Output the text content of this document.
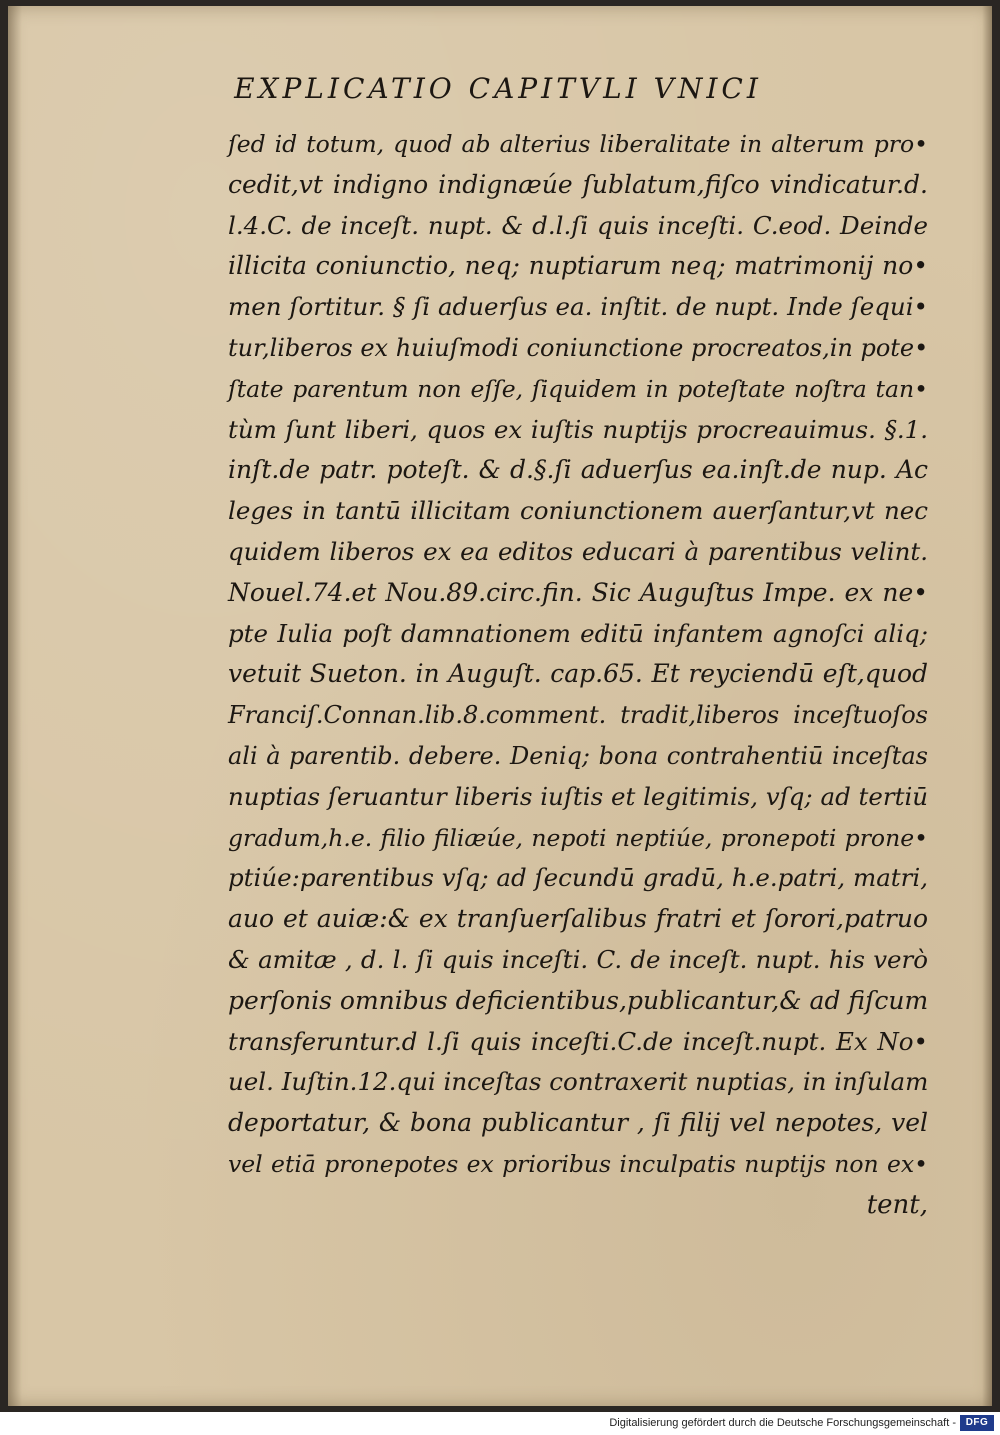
EXPLICATIO CAPITVLI VNICI
ſed id totum, quod ab alterius liberalitate in alterum pro•
cedit,vt indigno indignæúe ſublatum,fiſco vindicatur.d.
l.4.C. de inceſt. nupt. & d.l.ſi quis inceſti. C.eod. Deinde
illicita coniunctio, neq; nuptiarum neq; matrimonij no•
men ſortitur. § ſi aduerſus ea. inſtit. de nupt. Inde ſequi•
tur,liberos ex huiuſmodi coniunctione procreatos,in pote•
ſtate parentum non eſſe, ſiquidem in poteſtate noſtra tan•
tùm ſunt liberi, quos ex iuſtis nuptijs procreauimus. §.1.
inſt.de patr. poteſt. & d.§.ſi aduerſus ea.inſt.de nup. Ac
leges in tantū illicitam coniunctionem auerſantur,vt nec
quidem liberos ex ea editos educari à parentibus velint.
Nouel.74.et Nou.89.circ.fin. Sic Auguſtus Impe. ex ne•
pte Iulia poſt damnationem editū infantem agnoſci aliq;
vetuit Sueton. in Auguſt. cap.65. Et reyciendū eſt,quod
Franciſ.Connan.lib.8.comment. tradit,liberos inceſtuoſos
ali à parentib. debere. Deniq; bona contrahentiū inceſtas
nuptias ſeruantur liberis iuſtis et legitimis, vſq; ad tertiū
gradum,h.e. filio filiæúe, nepoti neptiúe, pronepoti prone•
ptiúe:parentibus vſq; ad ſecundū gradū, h.e.patri, matri,
auo et auiæ:& ex tranſuerſalibus fratri et ſorori,patruo
& amitæ , d. l. ſi quis inceſti. C. de inceſt. nupt. his verò
perſonis omnibus deficientibus,publicantur,& ad fiſcum
transferuntur.d l.ſi quis inceſti.C.de inceſt.nupt. Ex No•
uel. Iuſtin.12.qui inceſtas contraxerit nuptias, in inſulam
deportatur, & bona publicantur , ſi filij vel nepotes, vel
vel etiā pronepotes ex prioribus inculpatis nuptijs non ex•
tent,
Digitalisierung gefördert durch die Deutsche Forschungsgemeinschaft - DFG
